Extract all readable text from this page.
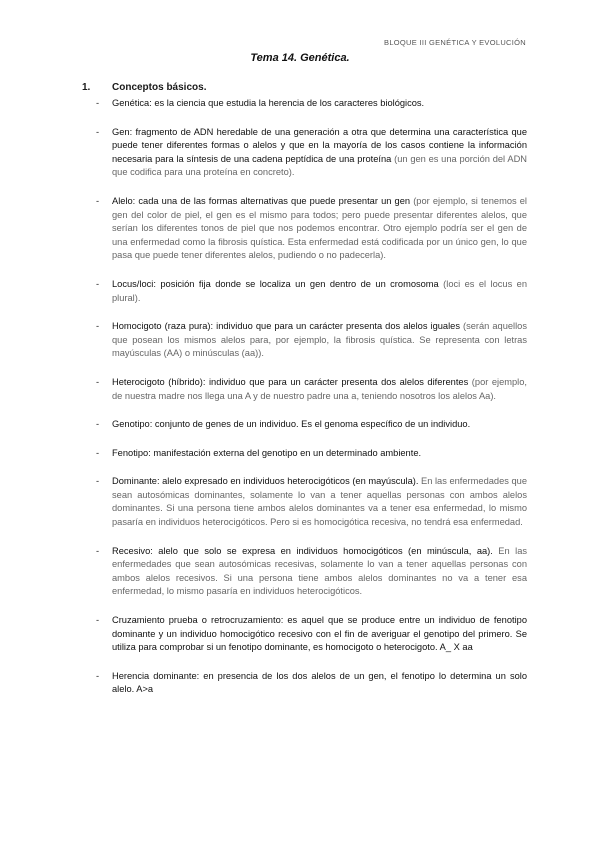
BLOQUE III GENÉTICA Y EVOLUCIÓN
Tema 14. Genética.
1. Conceptos básicos.
- Genética: es la ciencia que estudia la herencia de los caracteres biológicos.
- Gen: fragmento de ADN heredable de una generación a otra que determina una característica que puede tener diferentes formas o alelos y que en la mayoría de los casos contiene la información necesaria para la síntesis de una cadena peptídica de una proteína (un gen es una porción del ADN que codifica para una proteína en concreto).
- Alelo: cada una de las formas alternativas que puede presentar un gen (por ejemplo, si tenemos el gen del color de piel, el gen es el mismo para todos; pero puede presentar diferentes alelos, que serían los diferentes tonos de piel que nos podemos encontrar. Otro ejemplo podría ser el gen de una enfermedad como la fibrosis quística. Esta enfermedad está codificada por un único gen, lo que pasa que puede tener diferentes alelos, pudiendo o no padecerla).
- Locus/loci: posición fija donde se localiza un gen dentro de un cromosoma (loci es el locus en plural).
- Homocigoto (raza pura): individuo que para un carácter presenta dos alelos iguales (serán aquellos que posean los mismos alelos para, por ejemplo, la fibrosis quística. Se representa con letras mayúsculas (AA) o minúsculas (aa)).
- Heterocigoto (híbrido): individuo que para un carácter presenta dos alelos diferentes (por ejemplo, de nuestra madre nos llega una A y de nuestro padre una a, teniendo nosotros los alelos Aa).
- Genotipo: conjunto de genes de un individuo. Es el genoma específico de un individuo.
- Fenotipo: manifestación externa del genotipo en un determinado ambiente.
- Dominante: alelo expresado en individuos heterocigóticos (en mayúscula). En las enfermedades que sean autosómicas dominantes, solamente lo van a tener aquellas personas con ambos alelos dominantes. Si una persona tiene ambos alelos dominantes va a tener esa enfermedad, lo mismo pasaría en individuos heterocigóticos. Pero si es homocigótica recesiva, no tendrá esa enfermedad.
- Recesivo: alelo que solo se expresa en individuos homocigóticos (en minúscula, aa). En las enfermedades que sean autosómicas recesivas, solamente lo van a tener aquellas personas con ambos alelos recesivos. Si una persona tiene ambos alelos dominantes no va a tener esa enfermedad, lo mismo pasaría en individuos heterocigóticos.
- Cruzamiento prueba o retrocruzamiento: es aquel que se produce entre un individuo de fenotipo dominante y un individuo homocigótico recesivo con el fin de averiguar el genotipo del primero. Se utiliza para comprobar si un fenotipo dominante, es homocigoto o heterocigoto. A_ X aa
- Herencia dominante: en presencia de los dos alelos de un gen, el fenotipo lo determina un solo alelo. A>a
